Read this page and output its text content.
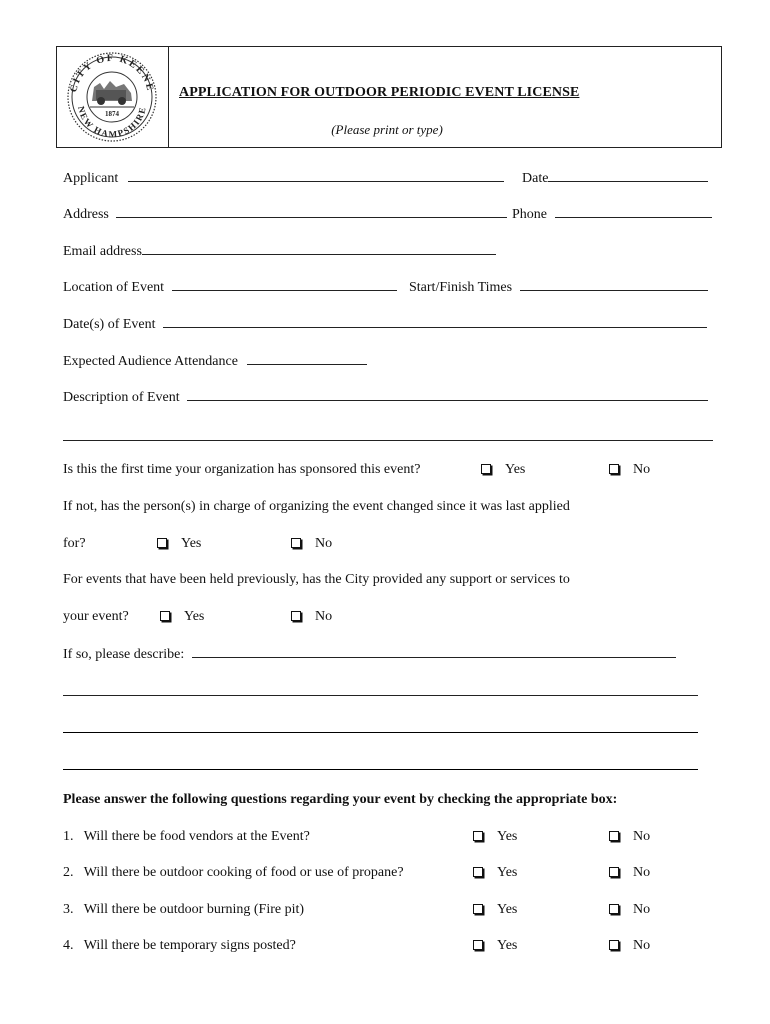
CITY OF KEENE
NEW HAMPSHIRE
1874
APPLICATION FOR OUTDOOR PERIODIC EVENT LICENSE
(Please print or type)
Applicant	Date
Address	Phone
Email address
Location of Event	Start/Finish Times
Date(s) of Event
Expected Audience Attendance
Description of Event
Is this the first time your organization has sponsored this event?	Yes	No
If not, has the person(s) in charge of organizing the event changed since it was last applied
for?	Yes	No
For events that have been held previously, has the City provided any support or services to
your event?	Yes	No
If so, please describe:
Please answer the following questions regarding your event by checking the appropriate box:
1. Will there be food vendors at the Event?	Yes	No
2. Will there be outdoor cooking of food or use of propane?	Yes	No
3. Will there be outdoor burning (Fire pit)	Yes	No
4. Will there be temporary signs posted?	Yes	No
